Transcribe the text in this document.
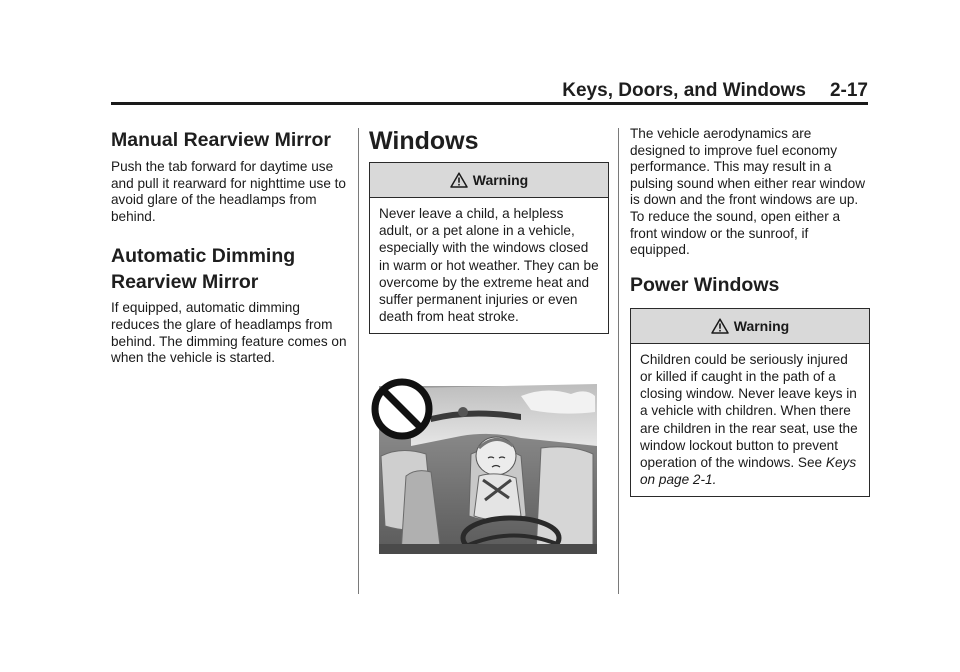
Keys, Doors, and Windows 2-17
Manual Rearview Mirror

Push the tab forward for daytime use and pull it rearward for nighttime use to avoid glare of the headlamps from behind.

Automatic Dimming
Rearview Mirror

If equipped, automatic dimming reduces the glare of headlamps from behind. The dimming feature comes on when the vehicle is started.

Windows
Warning
Never leave a child, a helpless adult, or a pet alone in a vehicle, especially with the windows closed in warm or hot weather. They can be overcome by the extreme heat and suffer permanent injuries or even death from heat stroke.

The vehicle aerodynamics are designed to improve fuel economy performance. This may result in a pulsing sound when either rear window is down and the front windows are up. To reduce the sound, open either a front window or the sunroof, if equipped.

Power Windows
Warning
Children could be seriously injured or killed if caught in the path of a closing window. Never leave keys in a vehicle with children. When there are children in the rear seat, use the window lockout button to prevent operation of the windows. See Keys on page 2-1.
